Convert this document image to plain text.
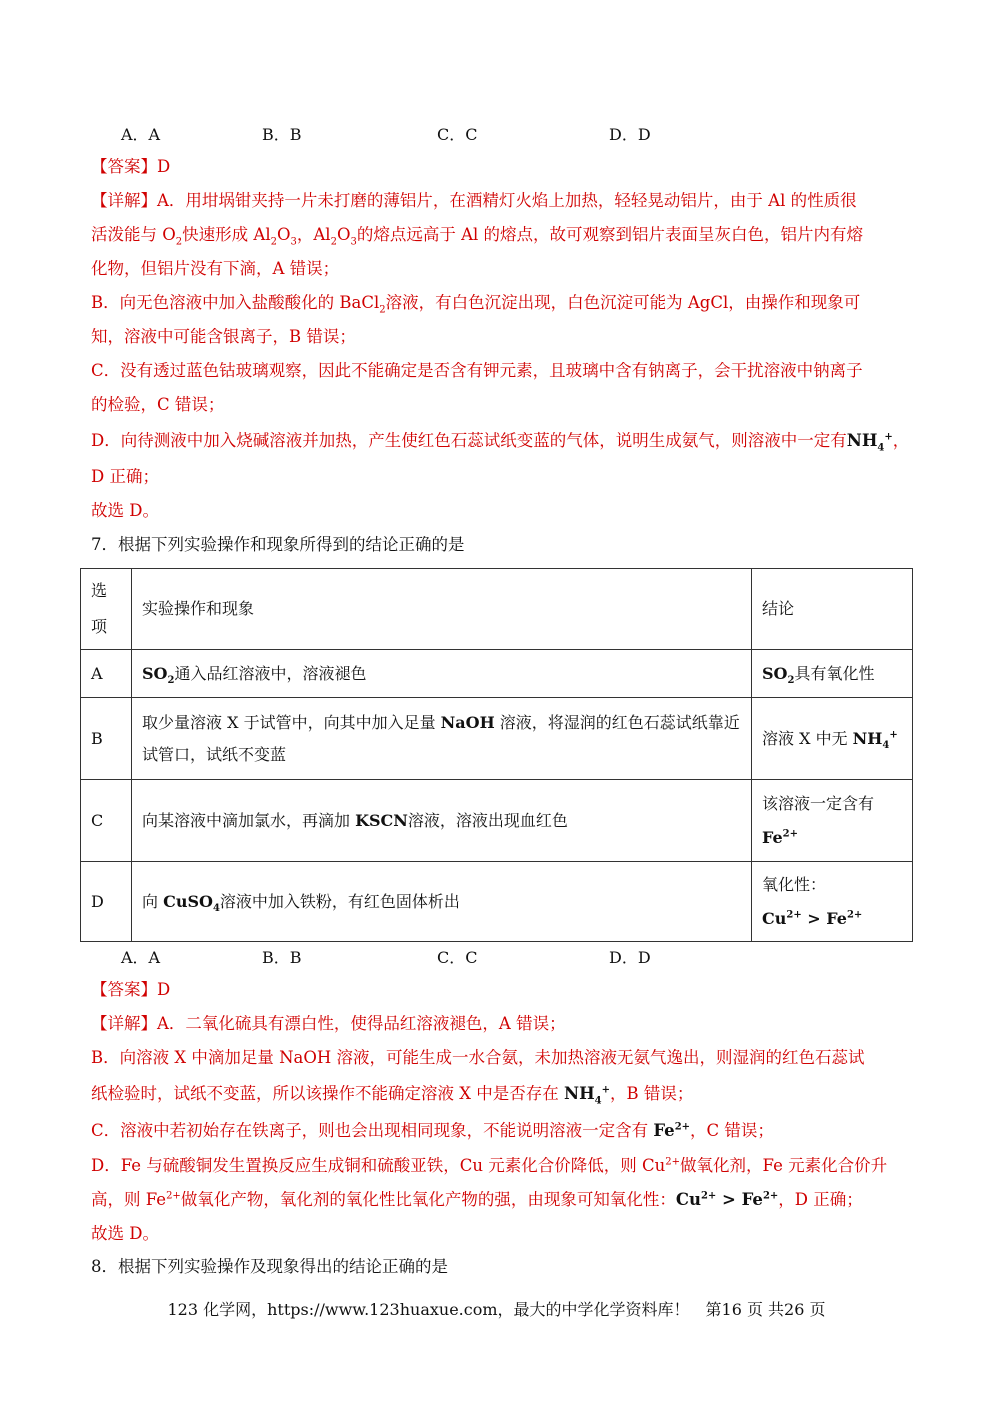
A．A	B．B	C．C	D．D
【答案】D
【详解】A．用坩埚钳夹持一片未打磨的薄铝片，在酒精灯火焰上加热，轻轻晃动铝片，由于 Al 的性质很
活泼能与 $O_2$快速形成 $Al_2O_3$，$Al_2O_3$的熔点远高于 Al 的熔点，故可观察到铝片表面呈灰白色，铝片内有熔
化物，但铝片没有下滴，A 错误；
B．向无色溶液中加入盐酸酸化的 BaCl$_2$溶液，有白色沉淀出现，白色沉淀可能为 AgCl，由操作和现象可
知，溶液中可能含银离子，B 错误；
C．没有透过蓝色钴玻璃观察，因此不能确定是否含有钾元素，且玻璃中含有钠离子，会干扰溶液中钠离子
的检验，C 错误；
D．向待测液中加入烧碱溶液并加热，产生使红色石蕊试纸变蓝的气体，说明生成氨气，则溶液中一定有$NH_4^+$，
D 正确；
故选 D。
7．根据下列实验操作和现象所得到的结论正确的是
选项	实验操作和现象	结论
A	$SO_2$通入品红溶液中，溶液褪色	$SO_2$具有氧化性
B	取少量溶液 X 于试管中，向其中加入足量 NaOH 溶液，将湿润的红色石蕊试纸靠近试管口，试纸不变蓝	溶液 X 中无 $NH_4^+$
C	向某溶液中滴加氯水，再滴加 KSCN溶液，溶液出现血红色	该溶液一定含有
$Fe^{2+}$
D	向 CuSO$_4$溶液中加入铁粉，有红色固体析出	氧化性：
$Cu^{2+} > Fe^{2+}$
A．A	B．B	C．C	D．D
【答案】D
【详解】A．二氧化硫具有漂白性，使得品红溶液褪色，A 错误；
B．向溶液 X 中滴加足量 NaOH 溶液，可能生成一水合氨，未加热溶液无氨气逸出，则湿润的红色石蕊试
纸检验时，试纸不变蓝，所以该操作不能确定溶液 X 中是否存在 $NH_4^+$，B 错误；
C．溶液中若初始存在铁离子，则也会出现相同现象，不能说明溶液一定含有 $Fe^{2+}$，C 错误；
D．Fe 与硫酸铜发生置换反应生成铜和硫酸亚铁，Cu 元素化合价降低，则 $Cu^{2+}$做氧化剂，Fe 元素化合价升
高，则 $Fe^{2+}$做氧化产物，氧化剂的氧化性比氧化产物的强，由现象可知氧化性：$Cu^{2+} > Fe^{2+}$，D 正确；
故选 D。
8．根据下列实验操作及现象得出的结论正确的是
123 化学网，https://www.123huaxue.com，最大的中学化学资料库！　第16 页 共26 页
